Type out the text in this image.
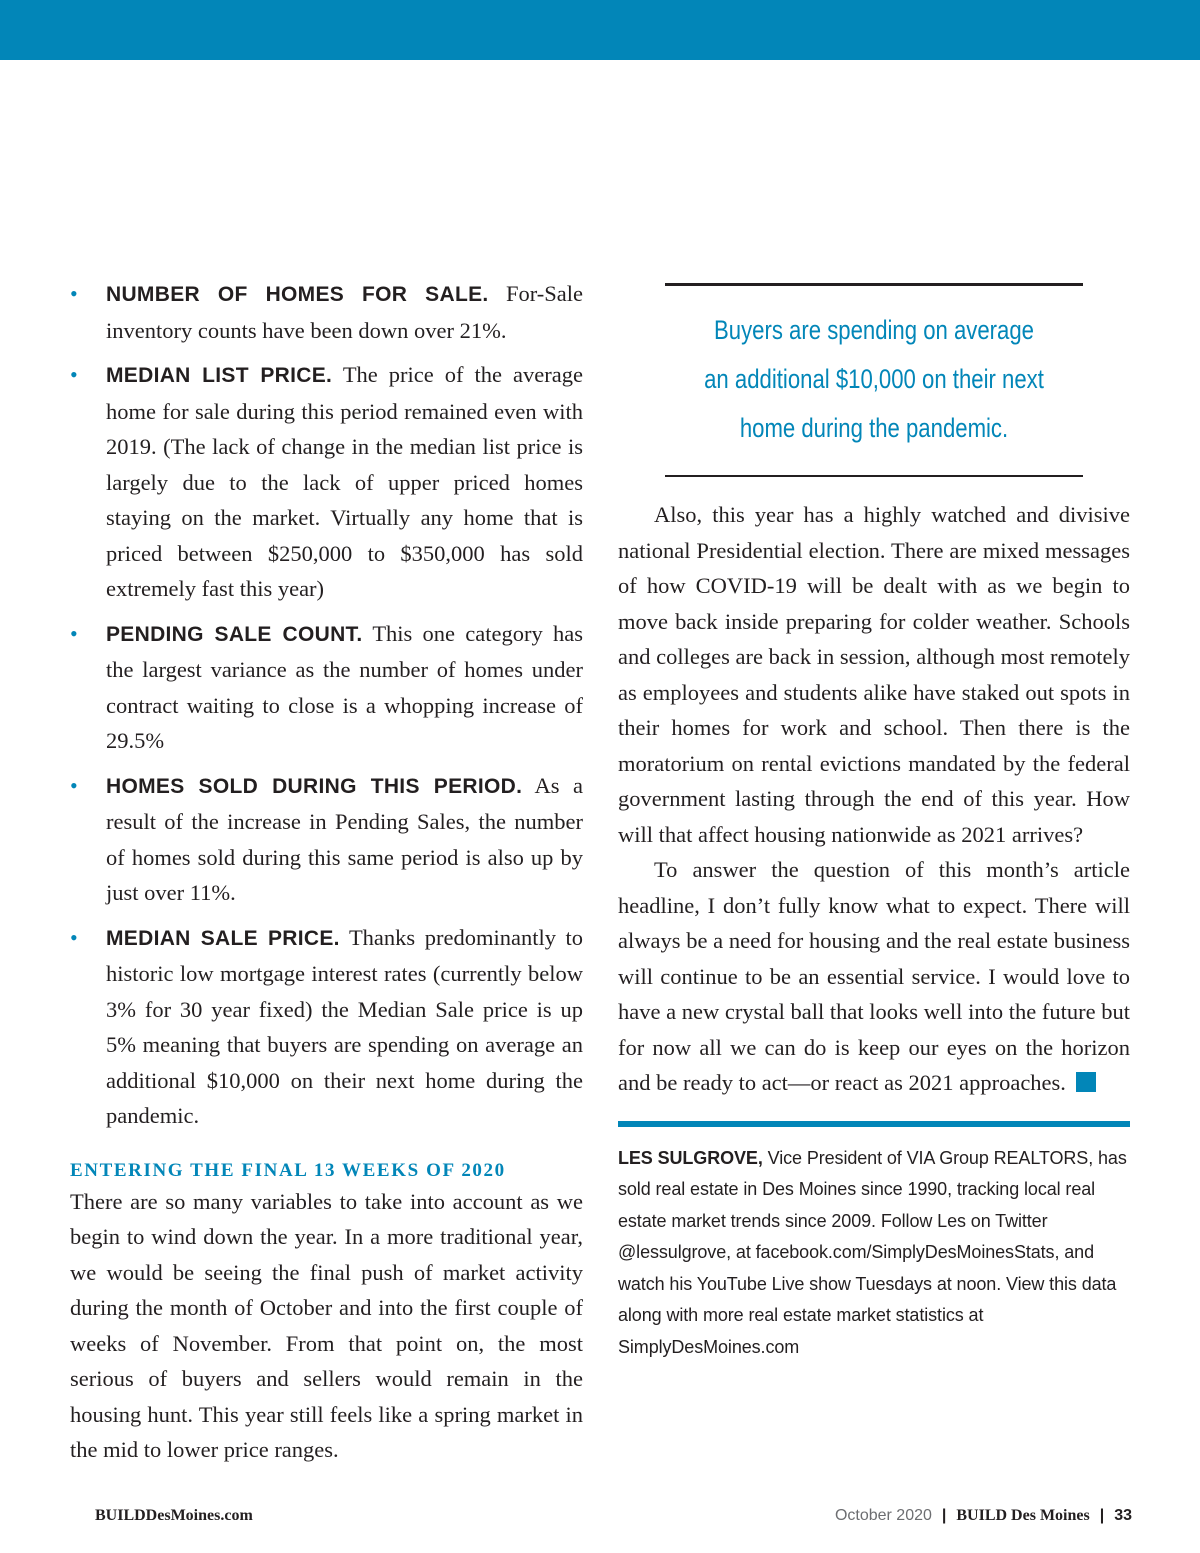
• NUMBER OF HOMES FOR SALE. For-Sale inventory counts have been down over 21%.
• MEDIAN LIST PRICE. The price of the average home for sale during this period remained even with 2019. (The lack of change in the median list price is largely due to the lack of upper priced homes staying on the market. Virtually any home that is priced between $250,000 to $350,000 has sold extremely fast this year)
• PENDING SALE COUNT. This one category has the largest variance as the number of homes under contract waiting to close is a whopping increase of 29.5%
• HOMES SOLD DURING THIS PERIOD. As a result of the increase in Pending Sales, the number of homes sold during this same period is also up by just over 11%.
• MEDIAN SALE PRICE. Thanks predominantly to historic low mortgage interest rates (currently below 3% for 30 year fixed) the Median Sale price is up 5% meaning that buyers are spending on average an additional $10,000 on their next home during the pandemic.
ENTERING THE FINAL 13 WEEKS OF 2020

There are so many variables to take into account as we begin to wind down the year. In a more traditional year, we would be seeing the final push of market activity during the month of October and into the first couple of weeks of November. From that point on, the most serious of buyers and sellers would remain in the housing hunt. This year still feels like a spring market in the mid to lower price ranges.

Buyers are spending on average an additional $10,000 on their next home during the pandemic.

Also, this year has a highly watched and divisive national Presidential election. There are mixed messages of how COVID-19 will be dealt with as we begin to move back inside preparing for colder weather. Schools and colleges are back in session, although most remotely as employees and students alike have staked out spots in their homes for work and school. Then there is the moratorium on rental evictions mandated by the federal government lasting through the end of this year. How will that affect housing nationwide as 2021 arrives?

To answer the question of this month’s article headline, I don’t fully know what to expect. There will always be a need for housing and the real estate business will continue to be an essential service. I would love to have a new crystal ball that looks well into the future but for now all we can do is keep our eyes on the horizon and be ready to act—or react as 2021 approaches.	B

LES SULGROVE, Vice President of VIA Group REALTORS, has sold real estate in Des Moines since 1990, tracking local real estate market trends since 2009. Follow Les on Twitter @lessulgrove, at facebook.com/SimplyDesMoinesStats, and watch his YouTube Live show Tuesdays at noon. View this data along with more real estate market statistics at SimplyDesMoines.com
BUILDDesMoines.com	October 2020 | BUILD Des Moines | 33
